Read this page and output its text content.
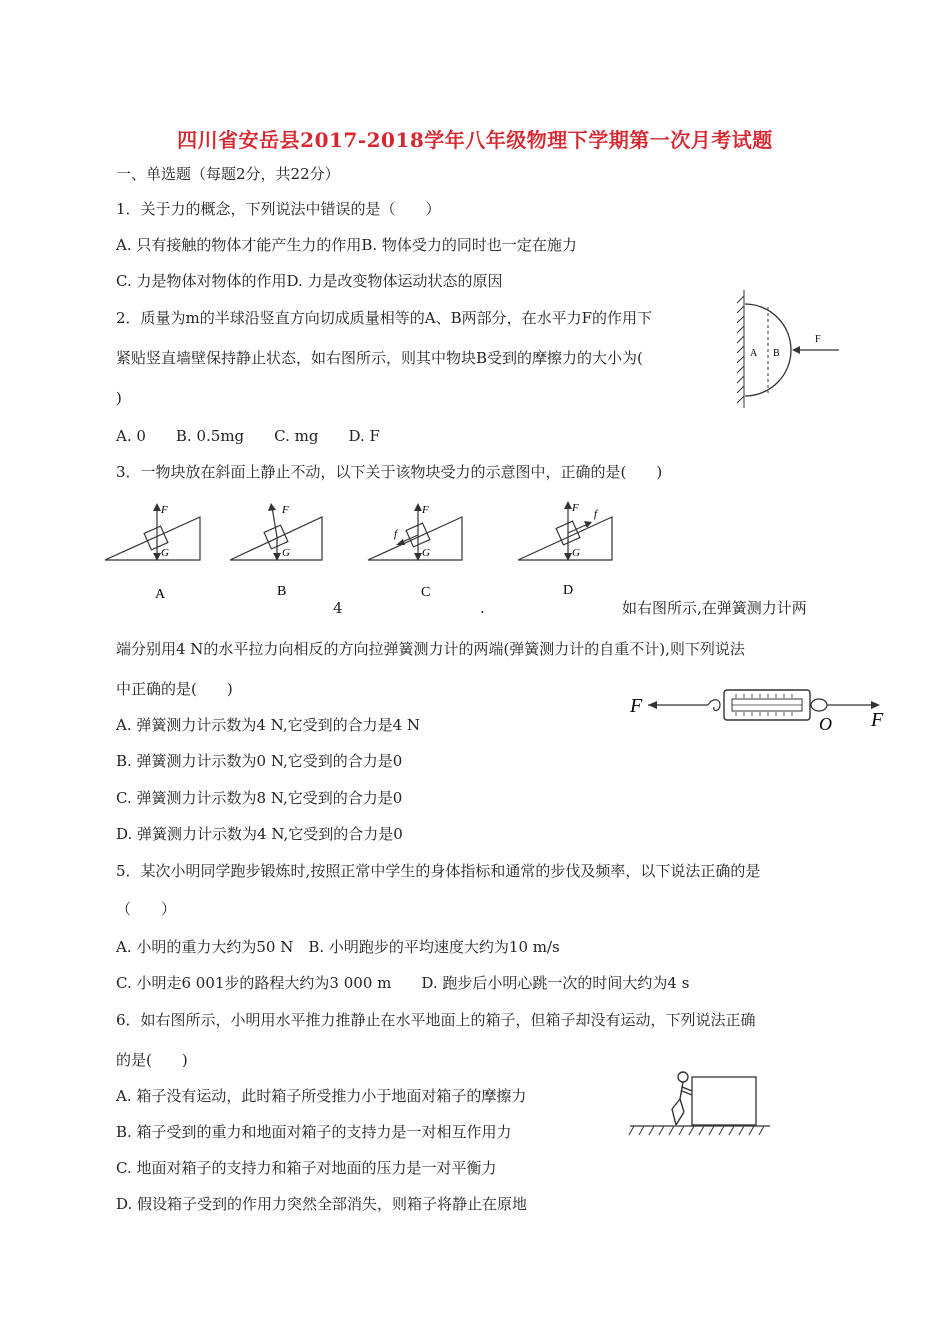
四川省安岳县2017-2018学年八年级物理下学期第一次月考试题
一、单选题（每题2分，共22分）
1．关于力的概念，下列说法中错误的是（　　）
A. 只有接触的物体才能产生力的作用B. 物体受力的同时也一定在施力
C. 力是物体对物体的作用D. 力是改变物体运动状态的原因
2．质量为m的半球沿竖直方向切成质量相等的A、B两部分，在水平力F的作用下
紧贴竖直墙壁保持静止状态，如右图所示，则其中物块B受到的摩擦力的大小为(
)
A. 0　　B. 0.5mg　　C. mg　　D. F
A B
F
3．一物块放在斜面上静止不动，以下关于该物块受力的示意图中，正确的是(　　)
F
G
A
F
G
B
F
f
G
C
F f
G
D
4	.	如右图所示,在弹簧测力计两
端分别用4 N的水平拉力向相反的方向拉弹簧测力计的两端(弹簧测力计的自重不计),则下列说法
中正确的是(　　)
A. 弹簧测力计示数为4 N,它受到的合力是4 N
B. 弹簧测力计示数为0 N,它受到的合力是0
C. 弹簧测力计示数为8 N,它受到的合力是0
D. 弹簧测力计示数为4 N,它受到的合力是0
F
O F
5．某次小明同学跑步锻炼时,按照正常中学生的身体指标和通常的步伐及频率，以下说法正确的是
（　　）
A. 小明的重力大约为50 N　B. 小明跑步的平均速度大约为10 m/s
C. 小明走6 001步的路程大约为3 000 m　　D. 跑步后小明心跳一次的时间大约为4 s
6．如右图所示，小明用水平推力推静止在水平地面上的箱子，但箱子却没有运动，下列说法正确
的是(　　)
A. 箱子没有运动，此时箱子所受推力小于地面对箱子的摩擦力
B. 箱子受到的重力和地面对箱子的支持力是一对相互作用力
C. 地面对箱子的支持力和箱子对地面的压力是一对平衡力
D. 假设箱子受到的作用力突然全部消失，则箱子将静止在原地
